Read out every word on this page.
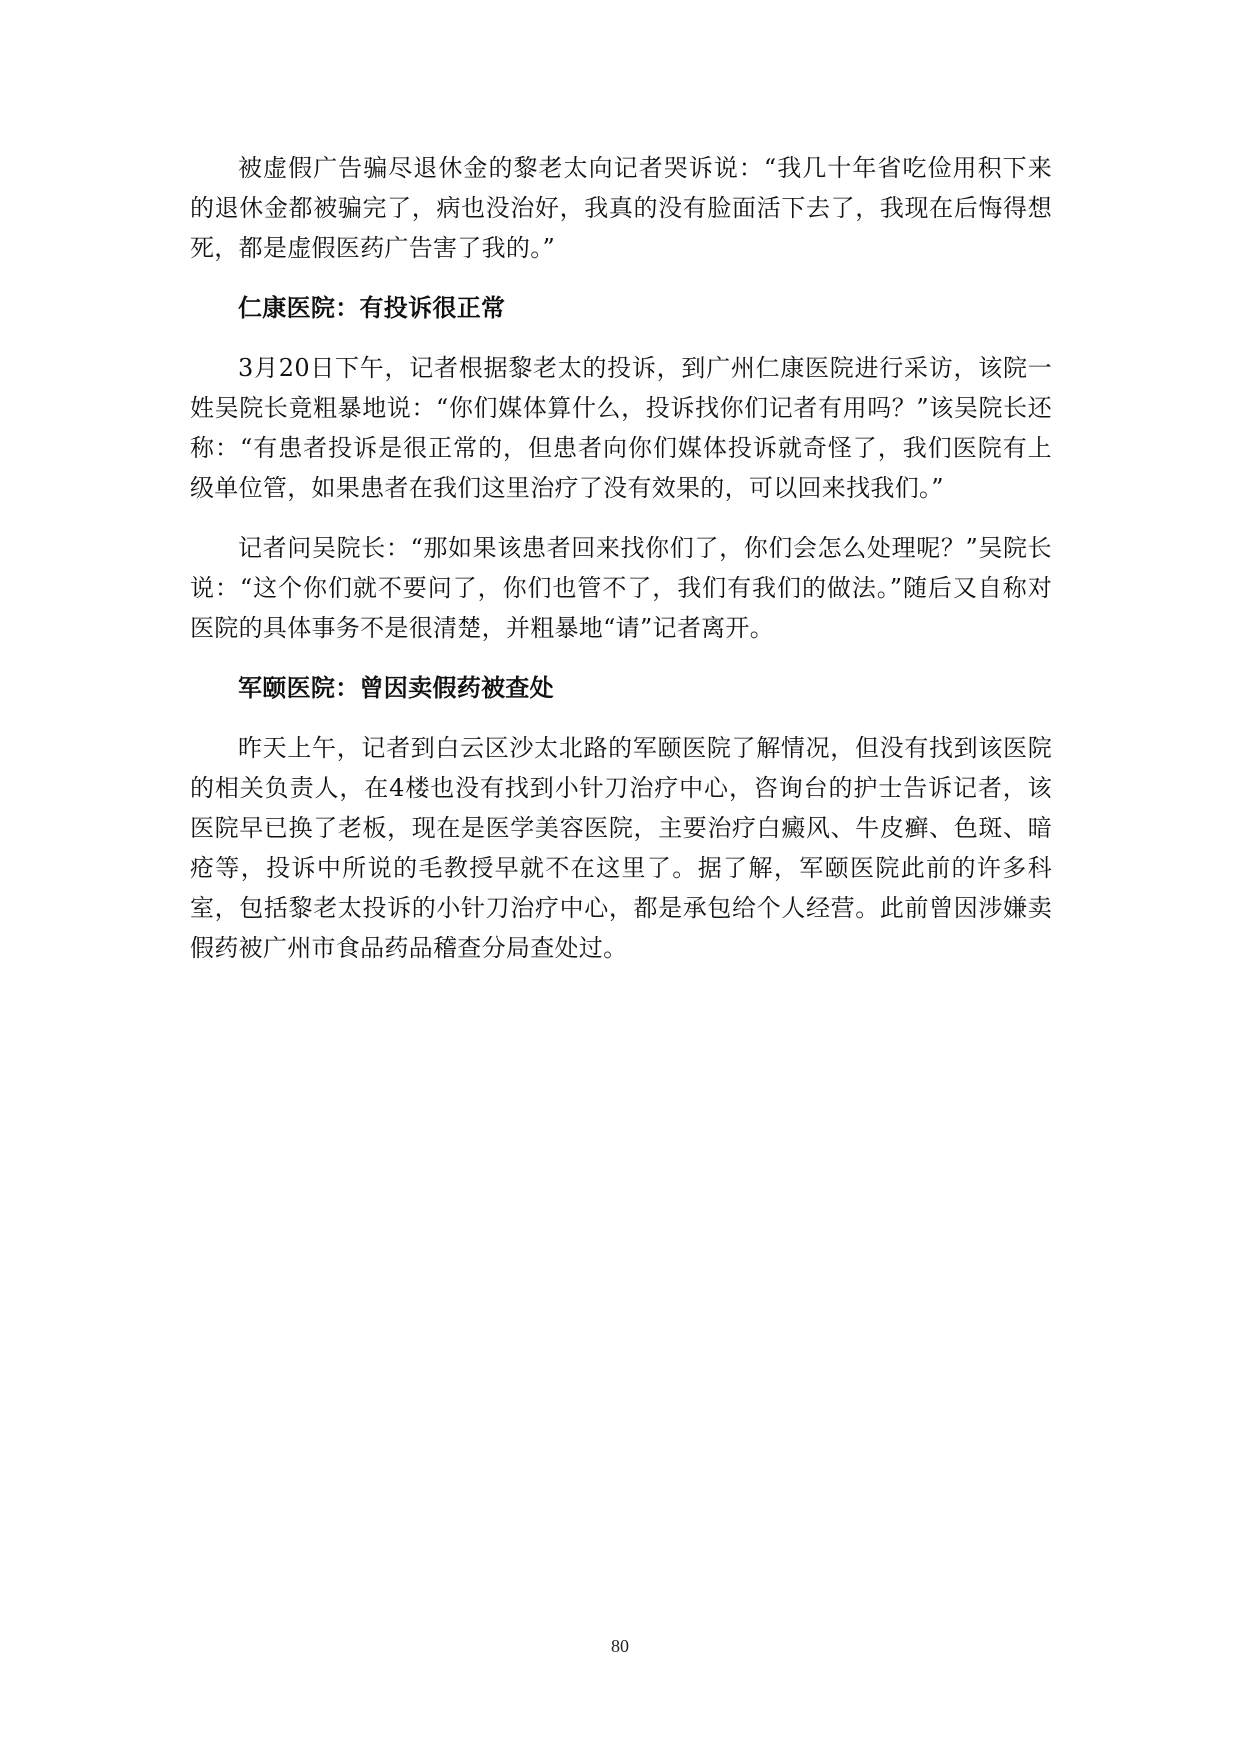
被虚假广告骗尽退休金的黎老太向记者哭诉说：“我几十年省吃俭用积下来的退休金都被骗完了，病也没治好，我真的没有脸面活下去了，我现在后悔得想死，都是虚假医药广告害了我的。”

仁康医院：有投诉很正常

3月20日下午，记者根据黎老太的投诉，到广州仁康医院进行采访，该院一姓吴院长竟粗暴地说：“你们媒体算什么，投诉找你们记者有用吗？”该吴院长还称：“有患者投诉是很正常的，但患者向你们媒体投诉就奇怪了，我们医院有上级单位管，如果患者在我们这里治疗了没有效果的，可以回来找我们。”

记者问吴院长：“那如果该患者回来找你们了，你们会怎么处理呢？”吴院长说：“这个你们就不要问了，你们也管不了，我们有我们的做法。”随后又自称对医院的具体事务不是很清楚，并粗暴地“请”记者离开。

军颐医院：曾因卖假药被查处

昨天上午，记者到白云区沙太北路的军颐医院了解情况，但没有找到该医院的相关负责人，在4楼也没有找到小针刀治疗中心，咨询台的护士告诉记者，该医院早已换了老板，现在是医学美容医院，主要治疗白癜风、牛皮癣、色斑、暗疮等，投诉中所说的毛教授早就不在这里了。据了解，军颐医院此前的许多科室，包括黎老太投诉的小针刀治疗中心，都是承包给个人经营。此前曾因涉嫌卖假药被广州市食品药品稽查分局查处过。

80
